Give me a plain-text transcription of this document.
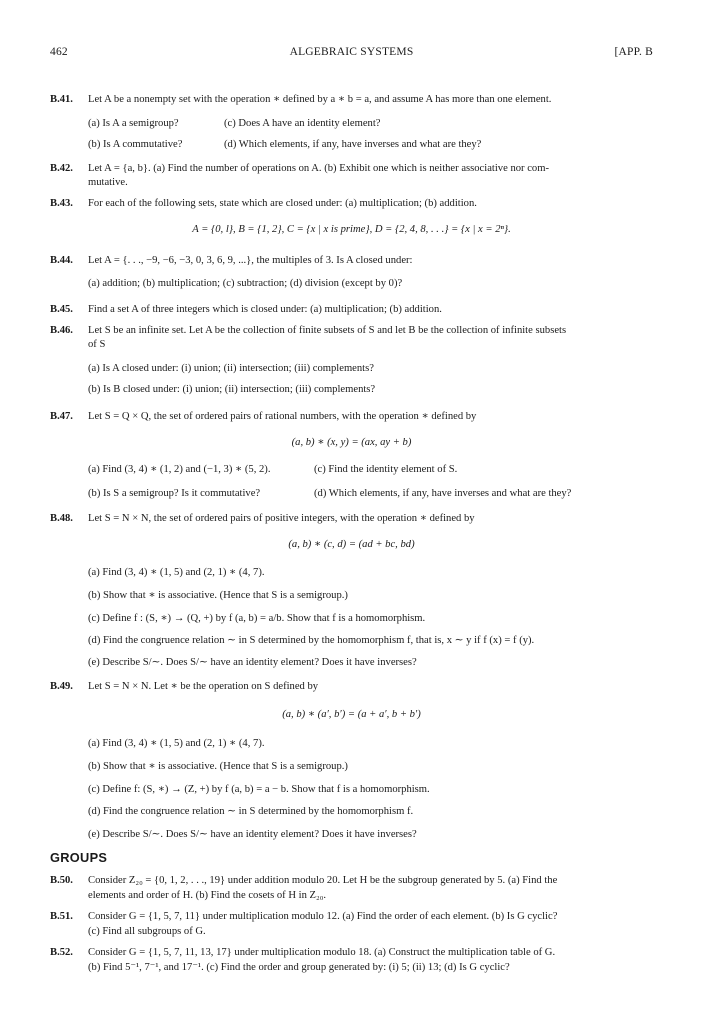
462	ALGEBRAIC SYSTEMS	[APP. B
B.41. Let A be a nonempty set with the operation ∗ defined by a ∗ b = a, and assume A has more than one element.
(a) Is A a semigroup?	(c) Does A have an identity element?
(b) Is A commutative?	(d) Which elements, if any, have inverses and what are they?
B.42. Let A = {a, b}. (a) Find the number of operations on A. (b) Exhibit one which is neither associative nor com-
mutative.
B.43. For each of the following sets, state which are closed under: (a) multiplication; (b) addition.
A = {0, l}, B = {1, 2}, C = {x | x is prime}, D = {2, 4, 8, . . .} = {x | x = 2ⁿ}.
B.44. Let A = {. . ., −9, −6, −3, 0, 3, 6, 9, ...}, the multiples of 3. Is A closed under:
(a) addition; (b) multiplication; (c) subtraction; (d) division (except by 0)?
B.45. Find a set A of three integers which is closed under: (a) multiplication; (b) addition.
B.46. Let S be an infinite set. Let A be the collection of finite subsets of S and let B be the collection of infinite subsets
of S
(a) Is A closed under: (i) union; (ii) intersection; (iii) complements?
(b) Is B closed under: (i) union; (ii) intersection; (iii) complements?
B.47. Let S = Q × Q, the set of ordered pairs of rational numbers, with the operation ∗ defined by
(a, b) ∗ (x, y) = (ax, ay + b)
(a) Find (3, 4) ∗ (1, 2) and (−1, 3) ∗ (5, 2).	(c) Find the identity element of S.
(b) Is S a semigroup? Is it commutative?	(d) Which elements, if any, have inverses and what are they?
B.48. Let S = N × N, the set of ordered pairs of positive integers, with the operation ∗ defined by
(a, b) ∗ (c, d) = (ad + bc, bd)
(a) Find (3, 4) ∗ (1, 5) and (2, 1) ∗ (4, 7).
(b) Show that ∗ is associative. (Hence that S is a semigroup.)
(c) Define f : (S, ∗) → (Q, +) by f (a, b) = a/b. Show that f is a homomorphism.
(d) Find the congruence relation ∼ in S determined by the homomorphism f, that is, x ∼ y if f (x) = f (y).
(e) Describe S/∼. Does S/∼ have an identity element? Does it have inverses?
B.49. Let S = N × N. Let ∗ be the operation on S defined by
(a, b) ∗ (a′, b′) = (a + a′, b + b′)
(a) Find (3, 4) ∗ (1, 5) and (2, 1) ∗ (4, 7).
(b) Show that ∗ is associative. (Hence that S is a semigroup.)
(c) Define f: (S, ∗) → (Z, +) by f (a, b) = a − b. Show that f is a homomorphism.
(d) Find the congruence relation ∼ in S determined by the homomorphism f.
(e) Describe S/∼. Does S/∼ have an identity element? Does it have inverses?
GROUPS
B.50. Consider Z₂₀ = {0, 1, 2, . . ., 19} under addition modulo 20. Let H be the subgroup generated by 5. (a) Find the
elements and order of H. (b) Find the cosets of H in Z₂₀.
B.51. Consider G = {1, 5, 7, 11} under multiplication modulo 12. (a) Find the order of each element. (b) Is G cyclic?
(c) Find all subgroups of G.
B.52. Consider G = {1, 5, 7, 11, 13, 17} under multiplication modulo 18. (a) Construct the multiplication table of G.
(b) Find 5⁻¹, 7⁻¹, and 17⁻¹. (c) Find the order and group generated by: (i) 5; (ii) 13; (d) Is G cyclic?
